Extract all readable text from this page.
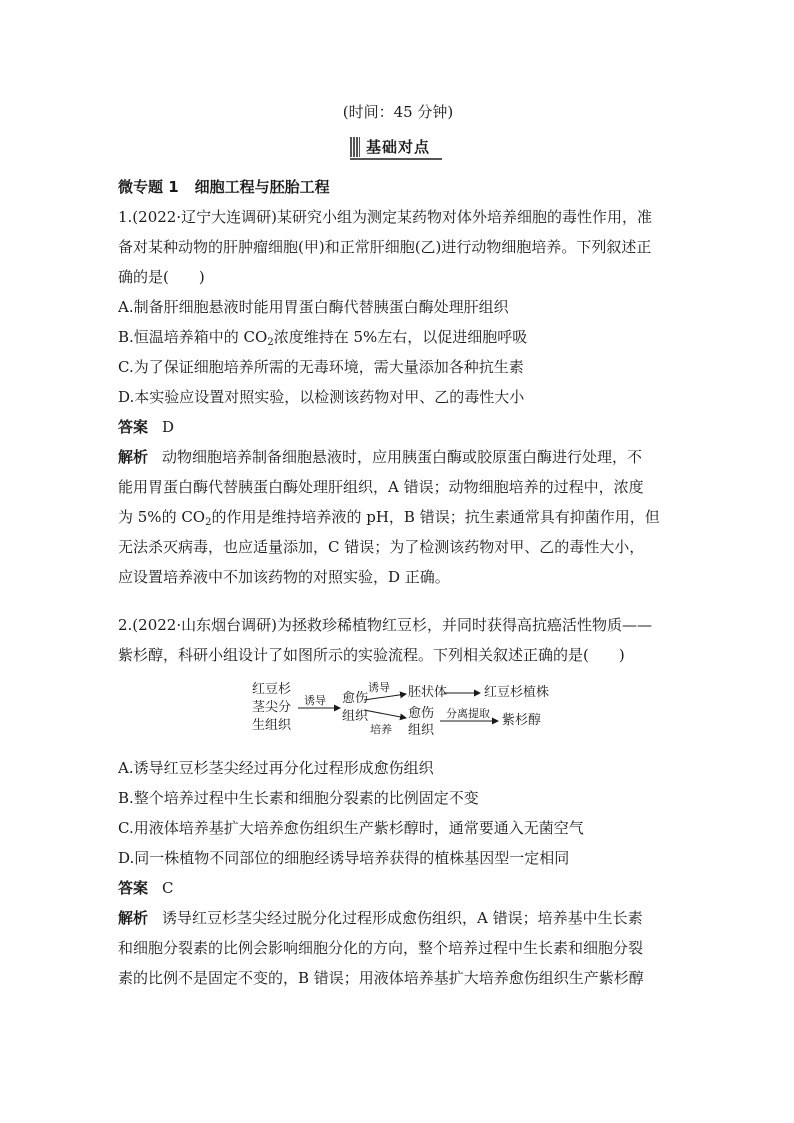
(时间：45 分钟)
基础对点
微专题 1 细胞工程与胚胎工程
1.(2022·辽宁大连调研)某研究小组为测定某药物对体外培养细胞的毒性作用，准
备对某种动物的肝肿瘤细胞(甲)和正常肝细胞(乙)进行动物细胞培养。下列叙述正
确的是(　　)
A.制备肝细胞悬液时能用胃蛋白酶代替胰蛋白酶处理肝组织
B.恒温培养箱中的 $CO_2$浓度维持在 5%左右，以促进细胞呼吸
C.为了保证细胞培养所需的无毒环境，需大量添加各种抗生素
D.本实验应设置对照实验，以检测该药物对甲、乙的毒性大小
答案 D
解析 动物细胞培养制备细胞悬液时，应用胰蛋白酶或胶原蛋白酶进行处理，不
能用胃蛋白酶代替胰蛋白酶处理肝组织，A 错误；动物细胞培养的过程中，浓度
为 5%的 $CO_2$的作用是维持培养液的 pH，B 错误；抗生素通常具有抑菌作用，但
无法杀灭病毒，也应适量添加，C 错误；为了检测该药物对甲、乙的毒性大小，
应设置培养液中不加该药物的对照实验，D 正确。
2.(2022·山东烟台调研)为拯救珍稀植物红豆杉，并同时获得高抗癌活性物质——
紫杉醇，科研小组设计了如图所示的实验流程。下列相关叙述正确的是(　　)
红豆杉
茎尖分
生组织
诱导 愈伤
组织
诱导 胚状体	红豆杉植株
培养
愈伤
组织
分离提取 紫杉醇
A.诱导红豆杉茎尖经过再分化过程形成愈伤组织
B.整个培养过程中生长素和细胞分裂素的比例固定不变
C.用液体培养基扩大培养愈伤组织生产紫杉醇时，通常要通入无菌空气
D.同一株植物不同部位的细胞经诱导培养获得的植株基因型一定相同
答案 C
解析 诱导红豆杉茎尖经过脱分化过程形成愈伤组织，A 错误；培养基中生长素
和细胞分裂素的比例会影响细胞分化的方向，整个培养过程中生长素和细胞分裂
素的比例不是固定不变的，B 错误；用液体培养基扩大培养愈伤组织生产紫杉醇
